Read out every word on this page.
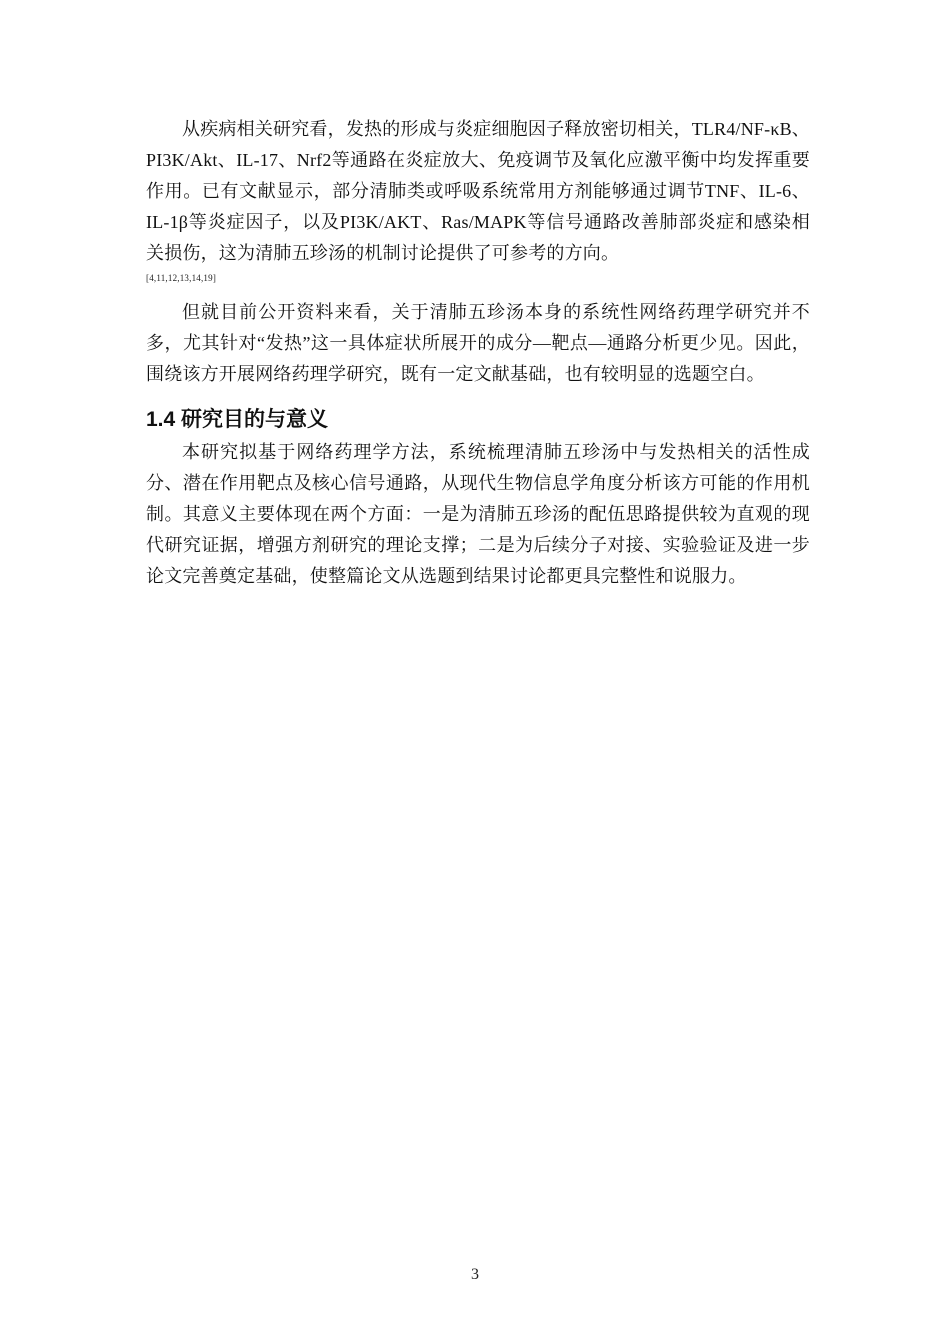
从疾病相关研究看，发热的形成与炎症细胞因子释放密切相关，TLR4/NF-κB、PI3K/Akt、IL-17、Nrf2等通路在炎症放大、免疫调节及氧化应激平衡中均发挥重要作用。已有文献显示，部分清肺类或呼吸系统常用方剂能够通过调节TNF、IL-6、IL-1β等炎症因子，以及PI3K/AKT、Ras/MAPK等信号通路改善肺部炎症和感染相关损伤，这为清肺五珍汤的机制讨论提供了可参考的方向。
[4,11,12,13,14,19]

但就目前公开资料来看，关于清肺五珍汤本身的系统性网络药理学研究并不多，尤其针对“发热”这一具体症状所展开的成分—靶点—通路分析更少见。因此，围绕该方开展网络药理学研究，既有一定文献基础，也有较明显的选题空白。

1.4 研究目的与意义

本研究拟基于网络药理学方法，系统梳理清肺五珍汤中与发热相关的活性成分、潜在作用靶点及核心信号通路，从现代生物信息学角度分析该方可能的作用机制。其意义主要体现在两个方面：一是为清肺五珍汤的配伍思路提供较为直观的现代研究证据，增强方剂研究的理论支撑；二是为后续分子对接、实验验证及进一步论文完善奠定基础，使整篇论文从选题到结果讨论都更具完整性和说服力。

3
